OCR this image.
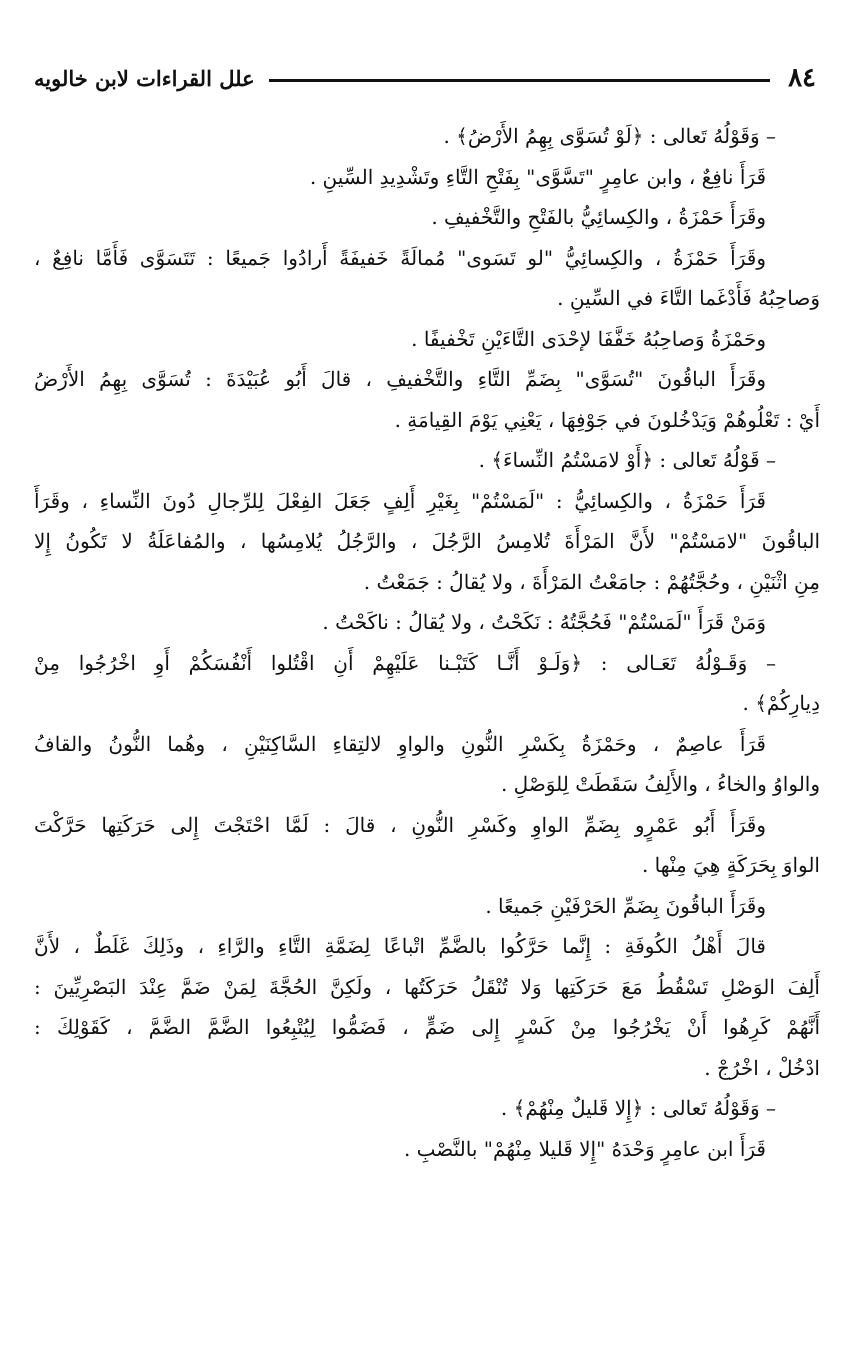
٨٤
علل القراءات لابن خالويه
– وَقَوْلُهُ تَعالى : ﴿لَوْ تُسَوَّى بِهِمُ الأَرْضُ﴾ .
قَرَأَ نافِعٌ ، وابن عامِرٍ "تَسَّوَّى" بِفَتْحِ التَّاءِ وتَشْدِيدِ السِّينِ .
وقَرَأَ حَمْزَةُ ، والكِسائِيُّ بالفَتْحِ والتَّخْفيفِ .
وقَرَأَ حَمْزَةُ ، والكِسائِيُّ "لو تَسَوى" مُمالَةً خَفيفَةً أَرادُوا جَميعًا : تَتَسَوَّى فَأَمَّا نافِعٌ ،
وَصاحِبُهُ فَأَدْغَما التَّاءَ في السِّينِ .
وحَمْزَةُ وَصاحِبُهُ خَفَّفَا لإحْدَى التَّاءَيْنِ تَخْفيفًا .
وقَرَأَ الباقُونَ "تُسَوَّى" بِضَمِّ التَّاءِ والتَّخْفيفِ ، قالَ أَبُو عُبَيْدَةَ : تُسَوَّى بِهِمُ الأَرْضُ
أَيْ : تَعْلُوهُمْ وَيَدْخُلونَ في جَوْفِهَا ، يَعْنِي يَوْمَ القِيامَةِ .
– قَوْلُهُ تَعالى : ﴿أَوْ لامَسْتُمُ النِّساءَ﴾ .
قَرَأَ حَمْزَةُ ، والكِسائِيُّ : "لَمَسْتُمْ" بِغَيْرِ أَلِفٍ جَعَلَ الفِعْلَ لِلرِّجالِ دُونَ النِّساءِ ، وقَرَأَ
الباقُونَ "لامَسْتُمْ" لأَنَّ المَرْأَةَ تُلامِسُ الرَّجُلَ ، والرَّجُلُ يُلامِسُها ، والمُفاعَلَةُ لا تَكُونُ إِلا
مِنِ اثْنَيْنِ ، وحُجَّتُهُمْ : جامَعْتُ المَرْأَةَ ، ولا يُقالُ : جَمَعْتُ .
وَمَنْ قَرَأَ "لَمَسْتُمْ" فَحُجَّتُهُ : نَكَحْتُ ، ولا يُقالُ : ناكَحْتُ .
– وَقَـوْلُهُ تَعَـالى : ﴿وَلَـوْ أَنَّـا كَتَبْـنا عَلَيْهِمْ أَنِ اقْتُلوا أَنْفُسَكُمْ أَوِ اخْرُجُوا مِنْ
دِيارِكُمْ﴾ .
قَرَأَ عاصِمٌ ، وحَمْزَةُ بِكَسْرِ النُّونِ والواوِ لالتِقاءِ السَّاكِنَيْنِ ، وهُما النُّونُ والقافُ
والواوُ والخاءُ ، والأَلِفُ سَقَطَتْ لِلوَصْلِ .
وقَرَأَ أَبُو عَمْرٍو بِضَمِّ الواوِ وكَسْرِ النُّونِ ، قالَ : لَمَّا احْتَجْتَ إِلى حَرَكَتِها حَرَّكْتَ
الواوَ بِحَرَكَةٍ هِيَ مِنْها .
وقَرَأَ الباقُونَ بِضَمِّ الحَرْفَيْنِ جَميعًا .
قالَ أَهْلُ الكُوفَةِ : إِنَّما حَرَّكُوا بالضَّمِّ اتْباعًا لِضَمَّةِ التَّاءِ والرَّاءِ ، وذَلِكَ غَلَطٌ ، لأَنَّ
أَلِفَ الوَصْلِ تَسْقُطُ مَعَ حَرَكَتِها وَلا تُنْقَلُ حَرَكَتُها ، ولَكِنَّ الحُجَّةَ لِمَنْ ضَمَّ عِنْدَ البَصْرِيِّينَ :
أَنَّهُمْ كَرِهُوا أَنْ يَخْرُجُوا مِنْ كَسْرٍ إِلى ضَمٍّ ، فَضَمُّوا لِيُتْبِعُوا الضَّمَّ الضَّمَّ ، كَقَوْلِكَ :
ادْخُلْ ، اخْرُجْ .
– وَقَوْلُهُ تَعالى : ﴿إِلا قَليلٌ مِنْهُمْ﴾ .
قَرَأَ ابن عامِرٍ وَحْدَهُ "إِلا قَليلا مِنْهُمْ" بالنَّصْبِ .
